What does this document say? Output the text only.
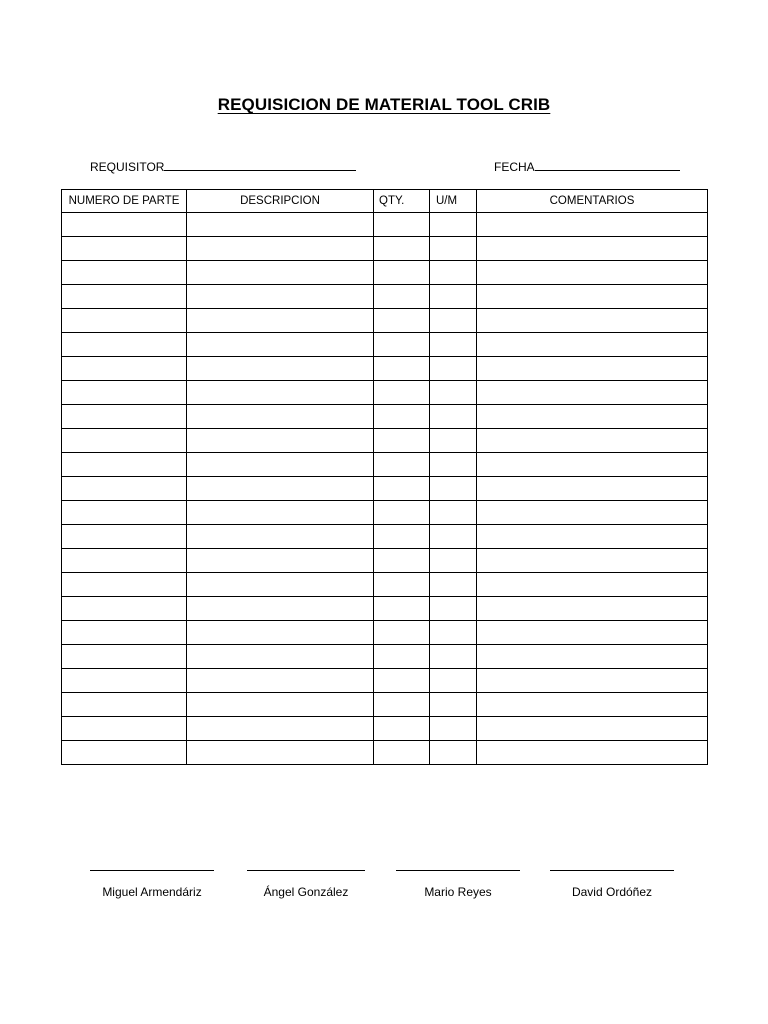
REQUISICION DE MATERIAL TOOL CRIB
REQUISITOR	FECHA
NUMERO DE PARTE	DESCRIPCION	QTY.	U/M	COMENTARIOS

Miguel Armendáriz	Ángel González	Mario Reyes	David Ordóñez
